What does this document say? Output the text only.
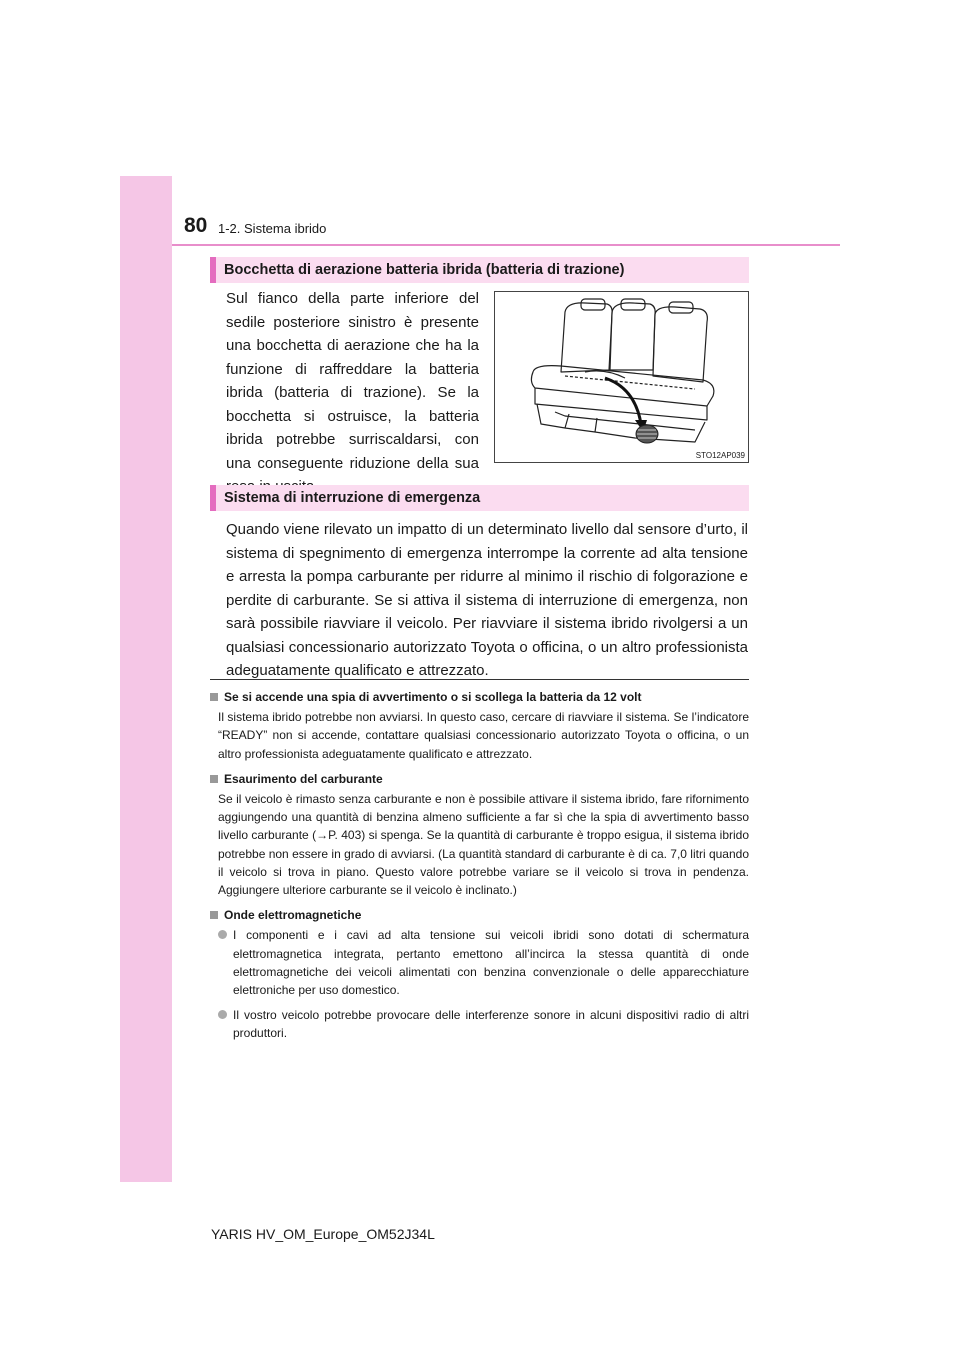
80 1-2. Sistema ibrido
Bocchetta di aerazione batteria ibrida (batteria di trazione)

Sul fianco della parte inferiore del sedile posteriore sinistro è presente una bocchetta di aerazione che ha la funzione di raffreddare la batteria ibrida (batteria di trazione). Se la bocchetta si ostruisce, la batteria ibrida potrebbe surriscaldarsi, con una conseguente riduzione della sua	STO12AP039
Sistema di interruzione di emergenza

Quando viene rilevato un impatto di un determinato livello dal sensore d’urto, il sistema di spegnimento di emergenza interrompe la corrente ad alta tensione e arresta la pompa carburante per ridurre al minimo il rischio di folgorazione e perdite di carburante. Se si attiva il sistema di interruzione di emergenza, non sarà possibile riavviare il veicolo. Per riavviare il sistema ibrido rivolgersi a un qualsiasi concessionario autorizzato Toyota o officina, o un altro professionista adeguatamente qualificato e attrezzato.

Se si accende una spia di avvertimento o si scollega la batteria da 12 volt
Il sistema ibrido potrebbe non avviarsi. In questo caso, cercare di riavviare il sistema. Se l’indicatore “READY” non si accende, contattare qualsiasi concessionario autorizzato Toyota o officina, o un altro professionista adeguatamente qualificato e attrezzato.
Esaurimento del carburante
Se il veicolo è rimasto senza carburante e non è possibile attivare il sistema ibrido, fare rifornimento aggiungendo una quantità di benzina almeno sufficiente a far sì che la spia di avvertimento basso livello carburante (→P. 403) si spenga. Se la quantità di carburante è troppo esigua, il sistema ibrido potrebbe non essere in grado di avviarsi. (La quantità standard di carburante è di ca. 7,0 litri quando il veicolo si trova in piano. Questo valore potrebbe variare se il veicolo si trova in pendenza. Aggiungere ulteriore carburante se il veicolo è inclinato.)
Onde elettromagnetiche
I componenti e i cavi ad alta tensione sui veicoli ibridi sono dotati di schermatura elettromagnetica integrata, pertanto emettono all’incirca la stessa quantità di onde elettromagnetiche dei veicoli alimentati con benzina convenzionale o delle apparecchiature elettroniche per uso domestico.
Il vostro veicolo potrebbe provocare delle interferenze sonore in alcuni dispositivi radio di altri produttori.
YARIS HV_OM_Europe_OM52J34L
